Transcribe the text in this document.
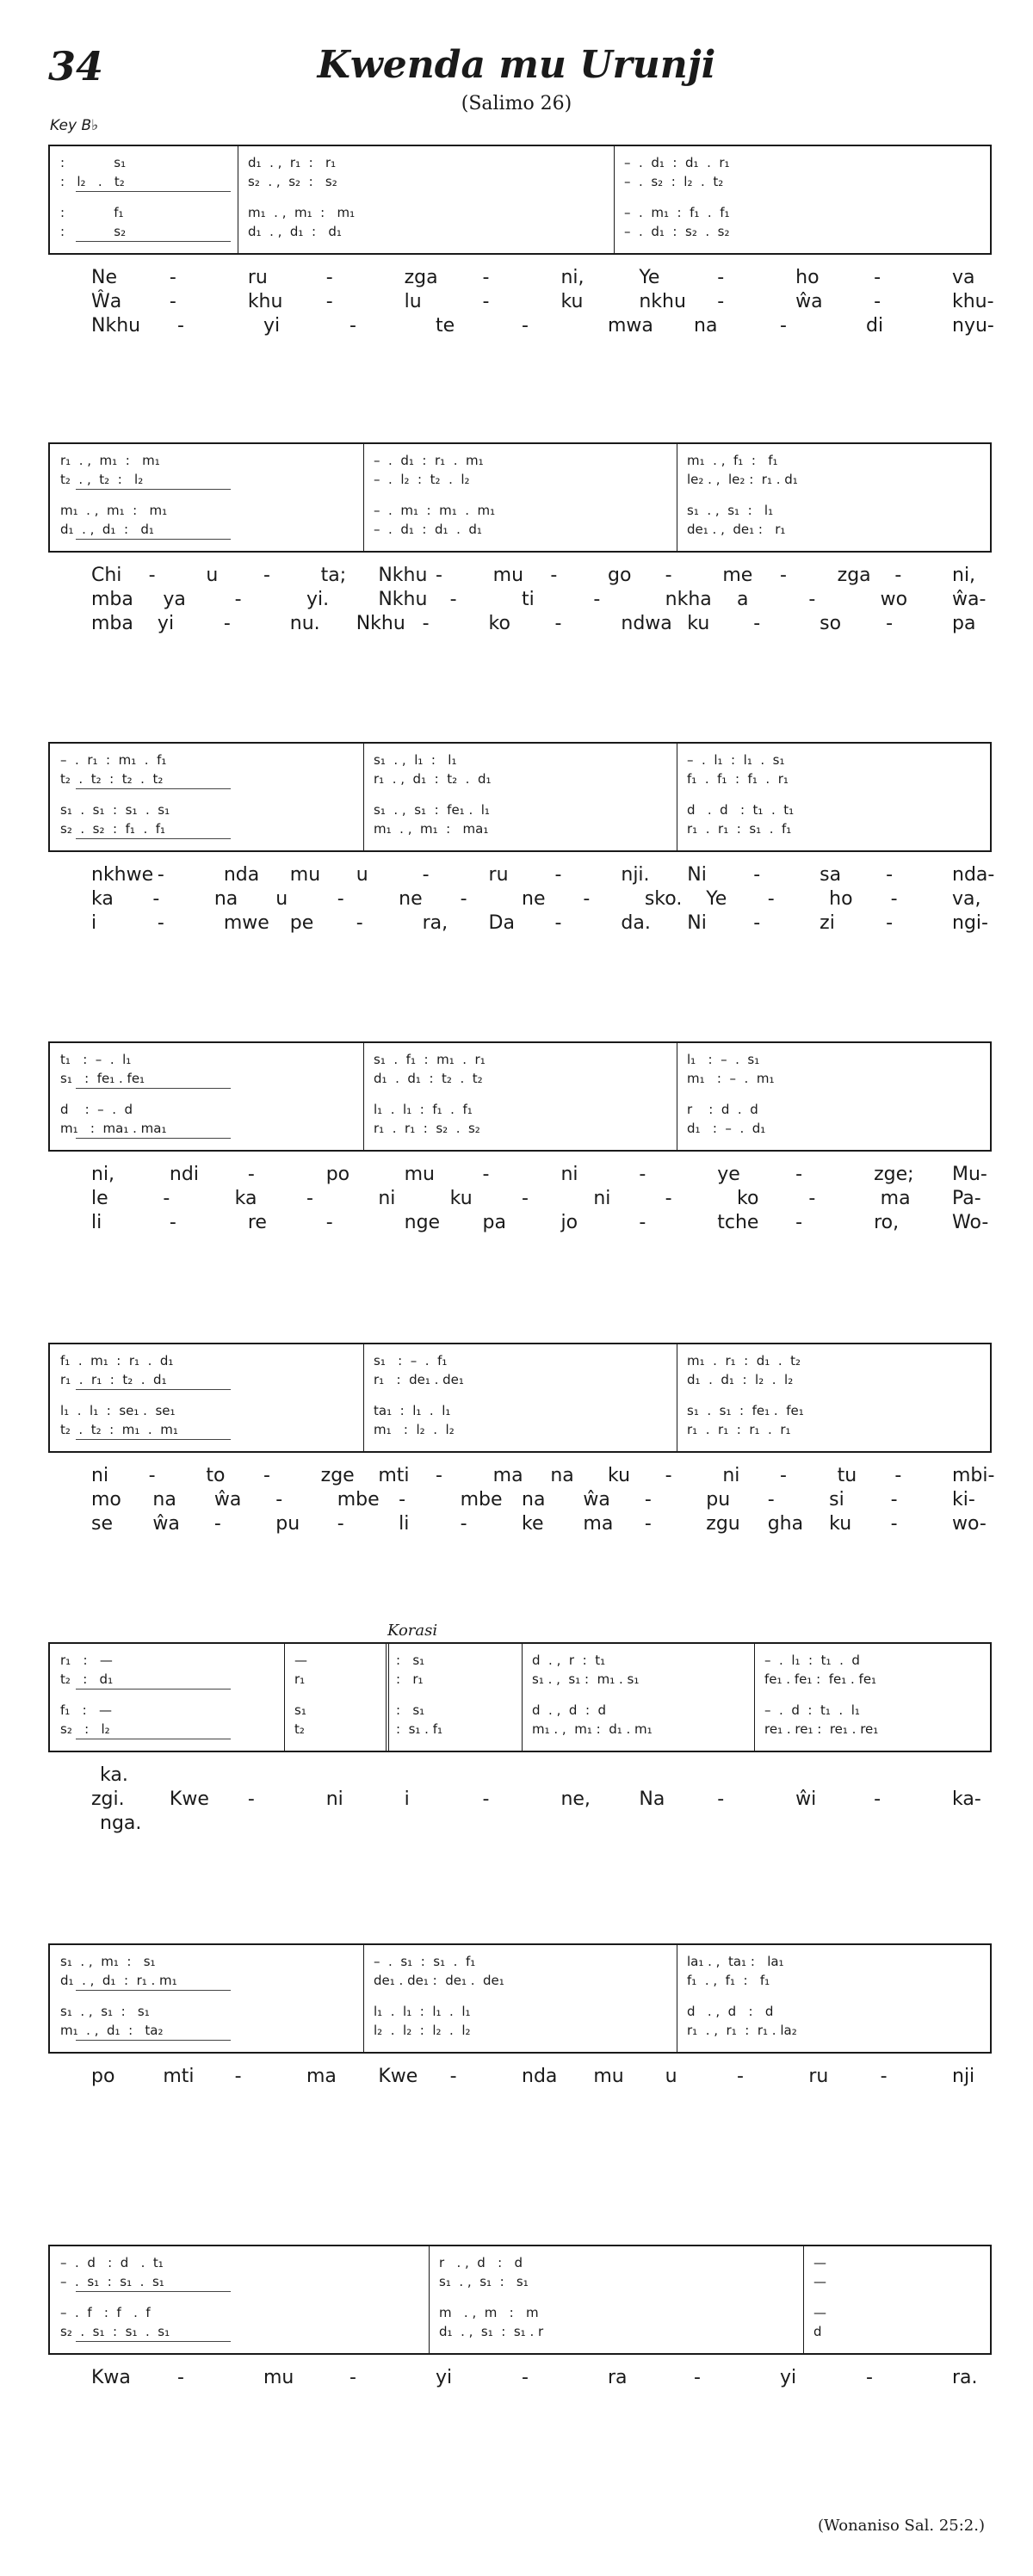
34	Kwenda mu Urunji
(Salimo 26)
Key B♭
Korasi
(Wonaniso Sal. 25:2.)
:            s₁	d₁  . ,  r₁  :   r₁	–  .  d₁  :  d₁  .  r₁
:   l₂   .   t₂	s₂  . ,  s₂  :   s₂	–  .  s₂  :  l₂  .  t₂
:            f₁	m₁  . ,  m₁  :   m₁	–  .  m₁  :  f₁  .  f₁
:            s₂	d₁  . ,  d₁  :   d₁	–  .  d₁  :  s₂  .  s₂
Ne	-	ru	-	zga -	ni,	Ye	-	ho	-	va
Ŵa	-	khu -	lu	-	ku	nkhu -	ŵa	-	khu-
Nkhu -	yi	-	te	-	mwa na	-	di	nyu-
r₁  . ,  m₁  :   m₁	–  .  d₁  :  r₁  .  m₁	m₁  . ,  f₁  :   f₁
t₂  . ,  t₂  :   l₂	–  .  l₂  :  t₂  .  l₂	le₂ . ,  le₂ :  r₁ . d₁
m₁  . ,  m₁  :   m₁	–  .  m₁  :  m₁  .  m₁	s₁  . ,  s₁  :   l₁
d₁  . ,  d₁  :   d₁	–  .  d₁  :  d₁  .  d₁	de₁ . ,  de₁ :   r₁
Chi -	u -	ta; Nkhu -	mu -	go -	me -	zga -	ni,
mba ya	-	yi.	Nkhu -	ti	-	nkha a	-	wo ŵa-
mba yi	-	nu. Nkhu -	ko -	ndwa ku -	so -	pa
–  .  r₁  :  m₁  .  f₁	s₁  . ,  l₁  :   l₁	–  .  l₁  :  l₁  .  s₁
t₂  .  t₂  :  t₂  .  t₂	r₁  . ,  d₁  :  t₂  .  d₁	f₁  .  f₁  :  f₁  .  r₁
s₁  .  s₁  :  s₁  .  s₁	s₁  . ,  s₁  :  fe₁ .  l₁	d   .  d   :  t₁  .  t₁
s₂  .  s₂  :  f₁  .  f₁	m₁  . ,  m₁  :   ma₁	r₁  .  r₁  :  s₁  .  f₁
nkhwe -	nda mu u	-	ru -	nji. Ni -	sa -	nda-
ka -	na u	-	ne -	ne -	sko. Ye -	ho -	va,
i	-	mwe pe -	ra, Da -	da. Ni -	zi	-	ngi-
t₁   :  –  .  l₁	s₁  .  f₁  :  m₁  .  r₁	l₁   :  –  .  s₁
s₁   :  fe₁ . fe₁	d₁  .  d₁  :  t₂  .  t₂	m₁   :  –  .  m₁
d    :  –  .  d	l₁  .  l₁  :  f₁  .  f₁	r    :  d  .  d
m₁   :  ma₁ . ma₁	r₁  .  r₁  :  s₂  .  s₂	d₁   :  –  .  d₁
ni,	ndi	-	po	mu	-	ni	-	ye	-	zge; Mu-
le	-	ka	-	ni	ku	-	ni	-	ko	-	ma Pa-
li	-	re	-	nge pa	jo	-	tche -	ro,	Wo-
f₁  .  m₁  :  r₁  .  d₁	s₁   :  –  .  f₁	m₁  .  r₁  :  d₁  .  t₂
r₁  .  r₁  :  t₂  .  d₁	r₁   :  de₁ . de₁	d₁  .  d₁  :  l₂  .  l₂
l₁  .  l₁  :  se₁ .  se₁	ta₁  :  l₁  .  l₁	s₁  .  s₁  :  fe₁ .  fe₁
t₂  .  t₂  :  m₁  .  m₁	m₁   :  l₂  .  l₂	r₁  .  r₁  :  r₁  .  r₁
ni -	to -	zge mti -	ma na ku -	ni -	tu -	mbi-
mo na ŵa -	mbe -	mbe na ŵa -	pu -	si -	ki-
se ŵa -	pu -	li	-	ke ma -	zgu gha ku -	wo-
r₁   :   —	—	:   s₁	d  . ,  r  :  t₁	–  .  l₁  :  t₁  .  d
t₂   :   d₁	r₁	:   r₁	s₁ . ,  s₁ :  m₁ . s₁	fe₁ . fe₁ :  fe₁ . fe₁
f₁   :   —	s₁	:   s₁	d  . ,  d  :  d	–  .  d  :  t₁  .  l₁
s₂   :   l₂	t₂	:  s₁ . f₁	m₁ . ,  m₁ :  d₁ . m₁	re₁ . re₁ :  re₁ . re₁
ka.
zgi. Kwe -	ni	i	-	ne,	Na	-	ŵi	-	ka-
nga.
s₁  . ,  m₁  :   s₁	–  .  s₁  :  s₁  .  f₁	la₁ . ,  ta₁ :   la₁
d₁  . ,  d₁  :  r₁ . m₁	de₁ . de₁ :  de₁ .  de₁	f₁  . ,  f₁  :   f₁
s₁  . ,  s₁  :   s₁	l₁  .  l₁  :  l₁  .  l₁	d   . ,  d   :   d
m₁  . ,  d₁  :   ta₂	l₂  .  l₂  :  l₂  .  l₂	r₁  . ,  r₁  :  r₁ . la₂
po	mti -	ma Kwe -	nda mu u	-	ru	-	nji
–  .  d   :  d   .  t₁	r   . ,  d   :   d	—
–  .  s₁  :  s₁  .  s₁	s₁  . ,  s₁  :   s₁	—
–  .  f   :  f   .  f	m   . ,  m   :   m	—
s₂  .  s₁  :  s₁  .  s₁	d₁  . ,  s₁  :  s₁ . r	d
Kwa -	mu	-	yi	-	ra	-	yi	-	ra.
